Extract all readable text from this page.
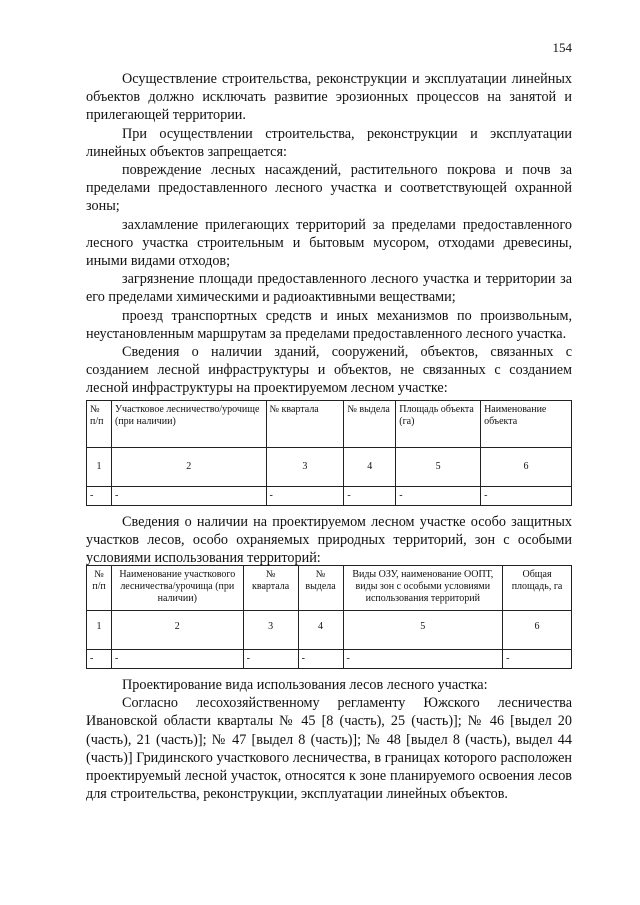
154

Осуществление строительства, реконструкции и эксплуатации линейных объектов должно исключать развитие эрозионных процессов на занятой и прилегающей территории.

При осуществлении строительства, реконструкции и эксплуатации линейных объектов запрещается:

повреждение лесных насаждений, растительного покрова и почв за пределами предоставленного лесного участка и соответствующей охранной зоны;

захламление прилегающих территорий за пределами предоставленного лесного участка строительным и бытовым мусором, отходами древесины, иными видами отходов;

загрязнение площади предоставленного лесного участка и территории за его пределами химическими и радиоактивными веществами;

проезд транспортных средств и иных механизмов по произвольным, неустановленным маршрутам за пределами предоставленного лесного участка.

Сведения о наличии зданий, сооружений, объектов, связанных с созданием лесной инфраструктуры и объектов, не связанных с созданием лесной инфраструктуры на проектируемом лесном участке:

№ п/п	Участковое лесничество/урочище (при наличии)	№ квартала	№ выдела	Площадь объекта (га)	Наименование объекта
1	2	3	4	5	6
-	-	-	-	-	-

Сведения о наличии на проектируемом лесном участке особо защитных участков лесов, особо охраняемых природных территорий, зон с особыми условиями использования территорий:

№ п/п	Наименование участкового лесничества/урочища (при наличии)	№ квартала	№ выдела	Виды ОЗУ, наименование ООПТ, виды зон с особыми условиями использования территорий	Общая площадь, га
1	2	3	4	5	6
-	-	-	-	-	-

Проектирование вида использования лесов лесного участка:

Согласно лесохозяйственному регламенту Южского лесничества Ивановской области кварталы № 45 [8 (часть), 25 (часть)]; № 46 [выдел 20 (часть), 21 (часть)]; № 47 [выдел 8 (часть)]; № 48 [выдел 8 (часть), выдел 44 (часть)] Гридинского участкового лесничества, в границах которого расположен проектируемый лесной участок, относятся к зоне планируемого освоения лесов для строительства, реконструкции, эксплуатации линейных объектов.
